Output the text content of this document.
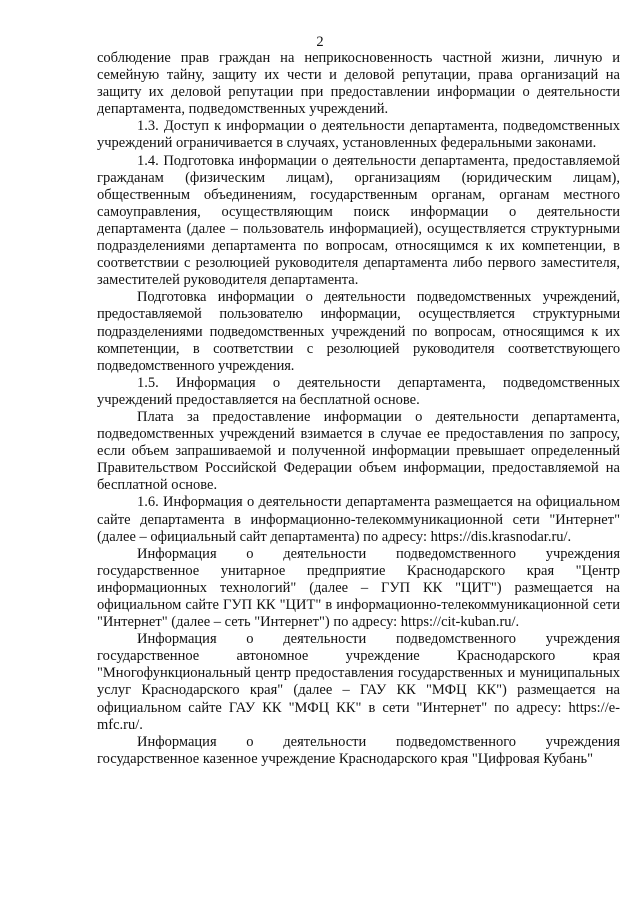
2

соблюдение прав граждан на неприкосновенность частной жизни, личную и семейную тайну, защиту их чести и деловой репутации, права организаций на защиту их деловой репутации при предоставлении информации о деятельности департамента, подведомственных учреждений.

1.3. Доступ к информации о деятельности департамента, подведомственных учреждений ограничивается в случаях, установленных федеральными законами.

1.4. Подготовка информации о деятельности департамента, предоставляемой гражданам (физическим лицам), организациям (юридическим лицам), общественным объединениям, государственным органам, органам местного самоуправления, осуществляющим поиск информации о деятельности департамента (далее – пользователь информацией), осуществляется структурными подразделениями департамента по вопросам, относящимся к их компетенции, в соответствии с резолюцией руководителя департамента либо первого заместителя, заместителей руководителя департамента.

Подготовка информации о деятельности подведомственных учреждений, предоставляемой пользователю информации, осуществляется структурными подразделениями подведомственных учреждений по вопросам, относящимся к их компетенции, в соответствии с резолюцией руководителя соответствующего подведомственного учреждения.

1.5. Информация о деятельности департамента, подведомственных учреждений предоставляется на бесплатной основе.

Плата за предоставление информации о деятельности департамента, подведомственных учреждений взимается в случае ее предоставления по запросу, если объем запрашиваемой и полученной информации превышает определенный Правительством Российской Федерации объем информации, предоставляемой на бесплатной основе.

1.6. Информация о деятельности департамента размещается на официальном сайте департамента в информационно-телекоммуникационной сети "Интернет" (далее – официальный сайт департамента) по адресу: https://dis.krasnodar.ru/.

Информация о деятельности подведомственного учреждения государственное унитарное предприятие Краснодарского края "Центр информационных технологий" (далее – ГУП КК "ЦИТ") размещается на официальном сайте ГУП КК "ЦИТ" в информационно-телекоммуникационной сети "Интернет" (далее – сеть "Интернет") по адресу: https://cit-kuban.ru/.

Информация о деятельности подведомственного учреждения государственное автономное учреждение Краснодарского края "Многофункциональный центр предоставления государственных и муниципальных услуг Краснодарского края" (далее – ГАУ КК "МФЦ КК") размещается на официальном сайте ГАУ КК "МФЦ КК" в сети "Интернет" по адресу: https://e-mfc.ru/.

Информация о деятельности подведомственного учреждения государственное казенное учреждение Краснодарского края "Цифровая Кубань"
